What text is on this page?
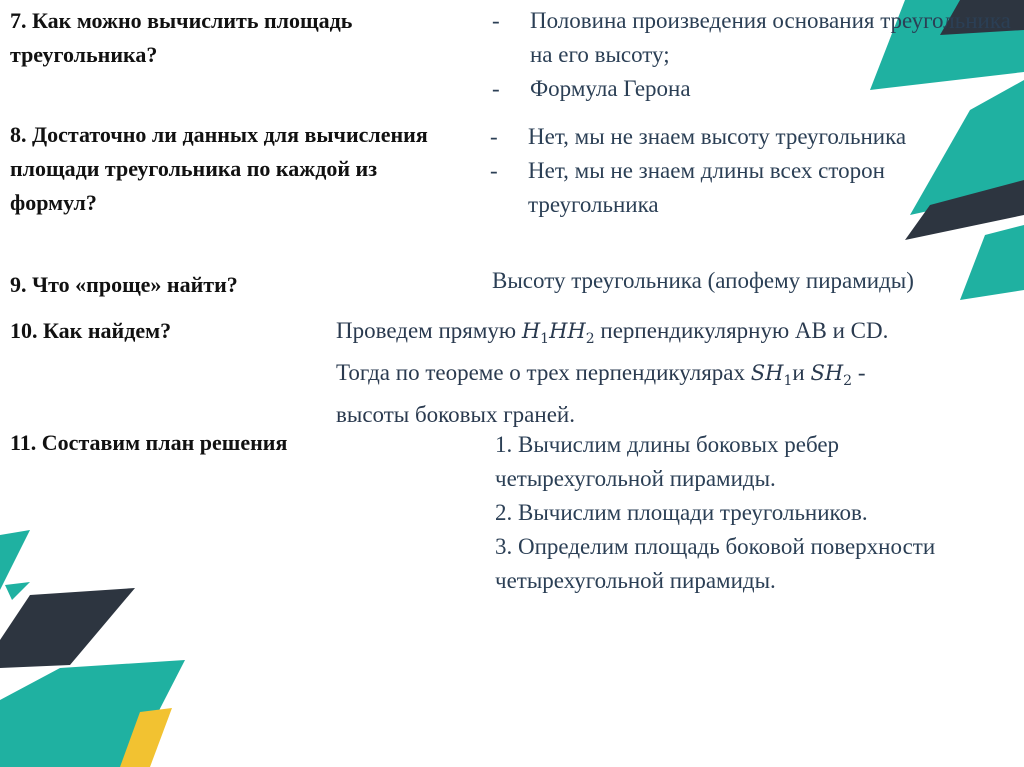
7. Как можно вычислить площадь треугольника?
- Половина произведения основания треугольника на его высоту;
- Формула Герона
8. Достаточно ли данных для вычисления площади треугольника по каждой из формул?
- Нет, мы не знаем высоту треугольника
- Нет, мы не знаем длины всех сторон треугольника
9. Что «проще» найти?	Высоту треугольника (апофему пирамиды)

10. Как найдем?	Проведем прямую $H_1HH_2$ перпендикулярную AB и CD.

Тогда по теореме о трех перпендикулярах $SH_1и$ $SH_2$ -

высоты боковых граней.

11. Составим план решения	1. Вычислим длины боковых ребер четырехугольной пирамиды.

2. Вычислим площади треугольников.

3. Определим площадь боковой поверхности четырехугольной пирамиды.
